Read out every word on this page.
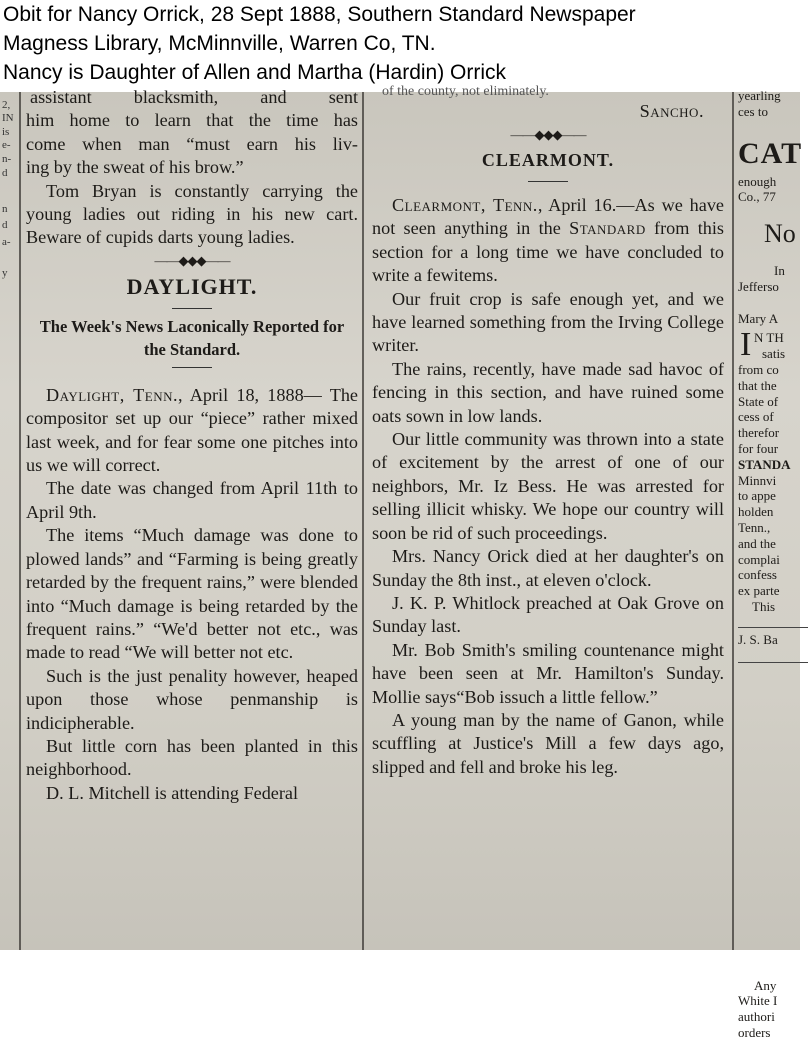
Obit for Nancy Orrick, 28 Sept 1888, Southern Standard Newspaper
Magness Library, McMinnville, Warren Co, TN.
Nancy is Daughter of Allen and Martha (Hardin) Orrick
2,
IN
is
e-
n-
d
n
d
a-
y

assistant blacksmith, and sent

him home to learn that the time has

come when man “must earn his liv-

ing by the sweat of his brow.”

Tom Bryan is constantly carrying the young ladies out riding in his new cart. Beware of cupids darts young ladies.

——◆◆◆——
DAYLIGHT.
The Week's News Laconically Reported for the Standard.

Daylight, Tenn., April 18, 1888— The compositor set up our “piece” rather mixed last week, and for fear some one pitches into us we will correct.

The date was changed from April 11th to April 9th.

The items “Much damage was done to plowed lands” and “Farming is being greatly retarded by the frequent rains,” were blended into “Much damage is being retarded by the frequent rains.” “We'd better not etc., was made to read “We will better not etc.

Such is the just penality however, heaped upon those whose penmanship is indicipherable.

But little corn has been planted in this neighborhood.

D. L. Mitchell is attending Federal

of the county, not eliminately.

Sancho.

——◆◆◆——
CLEARMONT.

Clearmont, Tenn., April 16.—As we have not seen anything in the Standard from this section for a long time we have concluded to write a fewitems.

Our fruit crop is safe enough yet, and we have learned something from the Irving College writer.

The rains, recently, have made sad havoc of fencing in this section, and have ruined some oats sown in low lands.

Our little community was thrown into a state of excitement by the arrest of one of our neighbors, Mr. Iz Bess. He was arrested for selling illicit whisky. We hope our country will soon be rid of such proceedings.

Mrs. Nancy Orick died at her daughter's on Sunday the 8th inst., at eleven o'clock.

J. K. P. Whitlock preached at Oak Grove on Sunday last.

Mr. Bob Smith's smiling countenance might have been seen at Mr. Hamilton's Sunday. Mollie says“Bob issuch a little fellow.”

A young man by the name of Ganon, while scuffling at Justice's Mill a few days ago, slipped and fell and broke his leg.

yearling

ces to

CAT

enough

Co., 77

No

In

Jefferso

Mary A

I N TH

satis

from co

that the

State of

cess of

therefor

for four

STANDA

Minnvi

to appe

holden

Tenn.,

and the

complai

confess

ex parte

This

J. S. Ba

Any

White I

authori

orders
